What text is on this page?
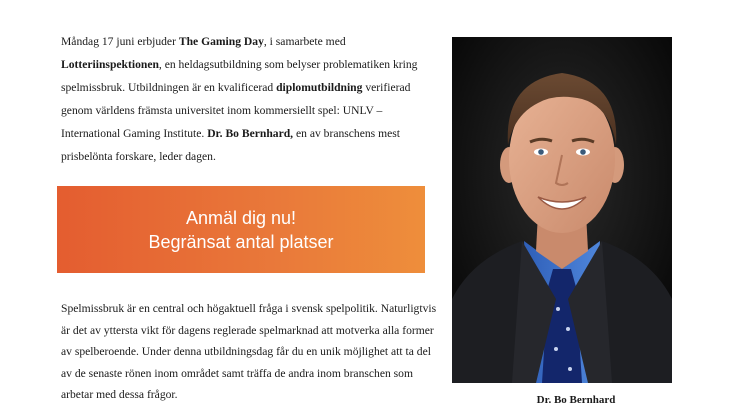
Måndag 17 juni erbjuder The Gaming Day, i samarbete med Lotteriinspektionen, en heldagsutbildning som belyser problematiken kring spelmissbruk. Utbildningen är en kvalificerad diplomutbildning verifierad genom världens främsta universitet inom kommersiellt spel: UNLV – International Gaming Institute. Dr. Bo Bernhard, en av branschens mest prisbelönta forskare, leder dagen.

Anmäl dig nu!
Begränsat antal platser

Spelmissbruk är en central och högaktuell fråga i svensk spelpolitik. Naturligtvis är det av yttersta vikt för dagens reglerade spelmarknad att motverka alla former av spelberoende. Under denna utbildningsdag får du en unik möjlighet att ta del av de senaste rönen inom området samt träffa de andra inom branschen som arbetar med dessa frågor.	Dr. Bo Bernhard
